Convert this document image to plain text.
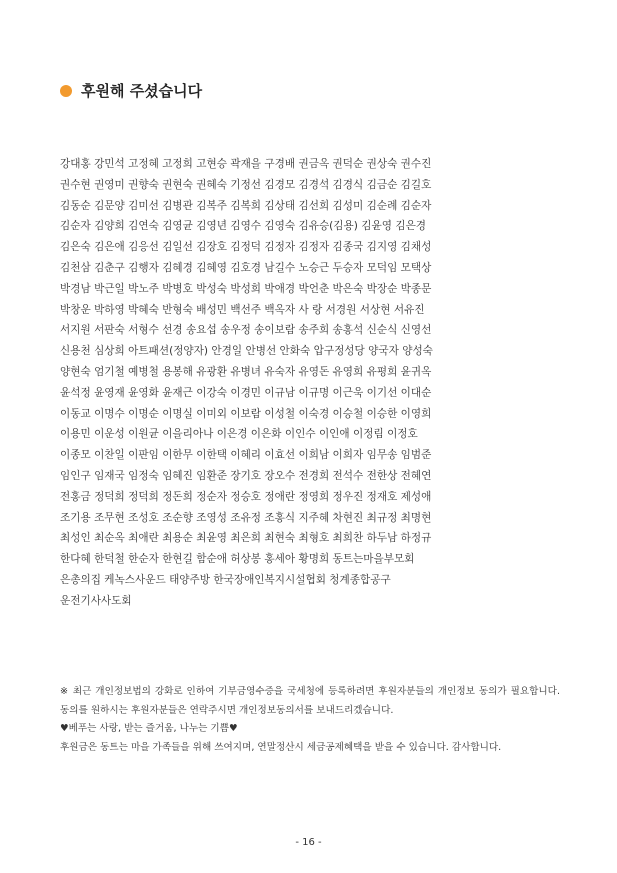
후원해 주셨습니다
강대홍 강민석 고정혜 고정희 고현승 곽재을 구경배 권금옥 권덕순 권상숙 권수진
권수현 권영미 권향숙 권현숙 권혜숙 기정선 김경모 김경석 김경식 김금순 김길호
김동순 김문양 김미선 김병관 김복주 김복희 김상태 김선희 김성미 김순례 김순자
김순자 김양희 김연숙 김영균 김영년 김영수 김영숙 김유승(김용) 김윤영 김은경
김은숙 김은애 김응선 김일선 김장호 김정덕 김정자 김정자 김종국 김지영 김채성
김천삼 김춘구 김행자 김혜경 김혜영 김호경 남길수 노승근 두승자 모덕임 모택상
박경남 박근일 박노주 박병호 박성숙 박성희 박애경 박언춘 박은숙 박장순 박종문
박창운 박하영 박혜숙 반형숙 배성민 백선주 백옥자 사 랑 서경원 서상현 서유진
서지원 서판숙 서형수 선경 송요섭 송우정 송이보람 송주희 송홍석 신순식 신영선
신용천 심상희 아트패션(정양자) 안경일 안병선 안화숙 압구정성당 양국자 양성숙
양현숙 엄기철 예병철 용봉해 유광환 유병녀 유숙자 유영돈 유영희 유평희 윤귀옥
윤석정 윤영재 윤영화 윤재근 이강숙 이경민 이규남 이규명 이근욱 이기선 이대순
이동교 이명수 이명순 이명실 이미외 이보람 이성철 이숙경 이승철 이승한 이영희
이용민 이운성 이원균 이을리아나 이은경 이은화 이인수 이인애 이정림 이정호
이종모 이찬일 이판임 이한무 이한택 이혜리 이효선 이희남 이희자 임무송 임범준
임인구 임재국 임정숙 임혜진 임환준 장기호 장오수 전경희 전석수 전한상 전혜연
전홍금 정덕희 정덕희 정돈희 정순자 정승호 정애란 정영희 정우진 정재호 제성애
조기용 조무현 조성호 조순향 조영성 조유정 조홍식 지주혜 차현진 최규정 최명현
최성인 최순옥 최애란 최용순 최윤영 최은희 최현숙 최형호 최희찬 하두남 하정규
한다혜 한덕철 한순자 한현길 함순애 허상봉 홍세아 황명희 동트는마을부모회
은총의집 케녹스사운드 태양주방 한국장애인복지시설협회 청계종합공구
운전기사사도회

※ 최근 개인정보법의 강화로 인하여 기부금영수증을 국세청에 등록하려면 후원자분들의 개인정보 동의가 필요합니다. 동의를 원하시는 후원자분들은 연락주시면 개인정보동의서를 보내드리겠습니다.

♥베푸는 사랑, 받는 즐거움, 나누는 기쁨♥

후원금은 동트는 마을 가족들을 위해 쓰여지며, 연말정산시 세금공제혜택을 받을 수 있습니다. 감사합니다.

- 16 -
